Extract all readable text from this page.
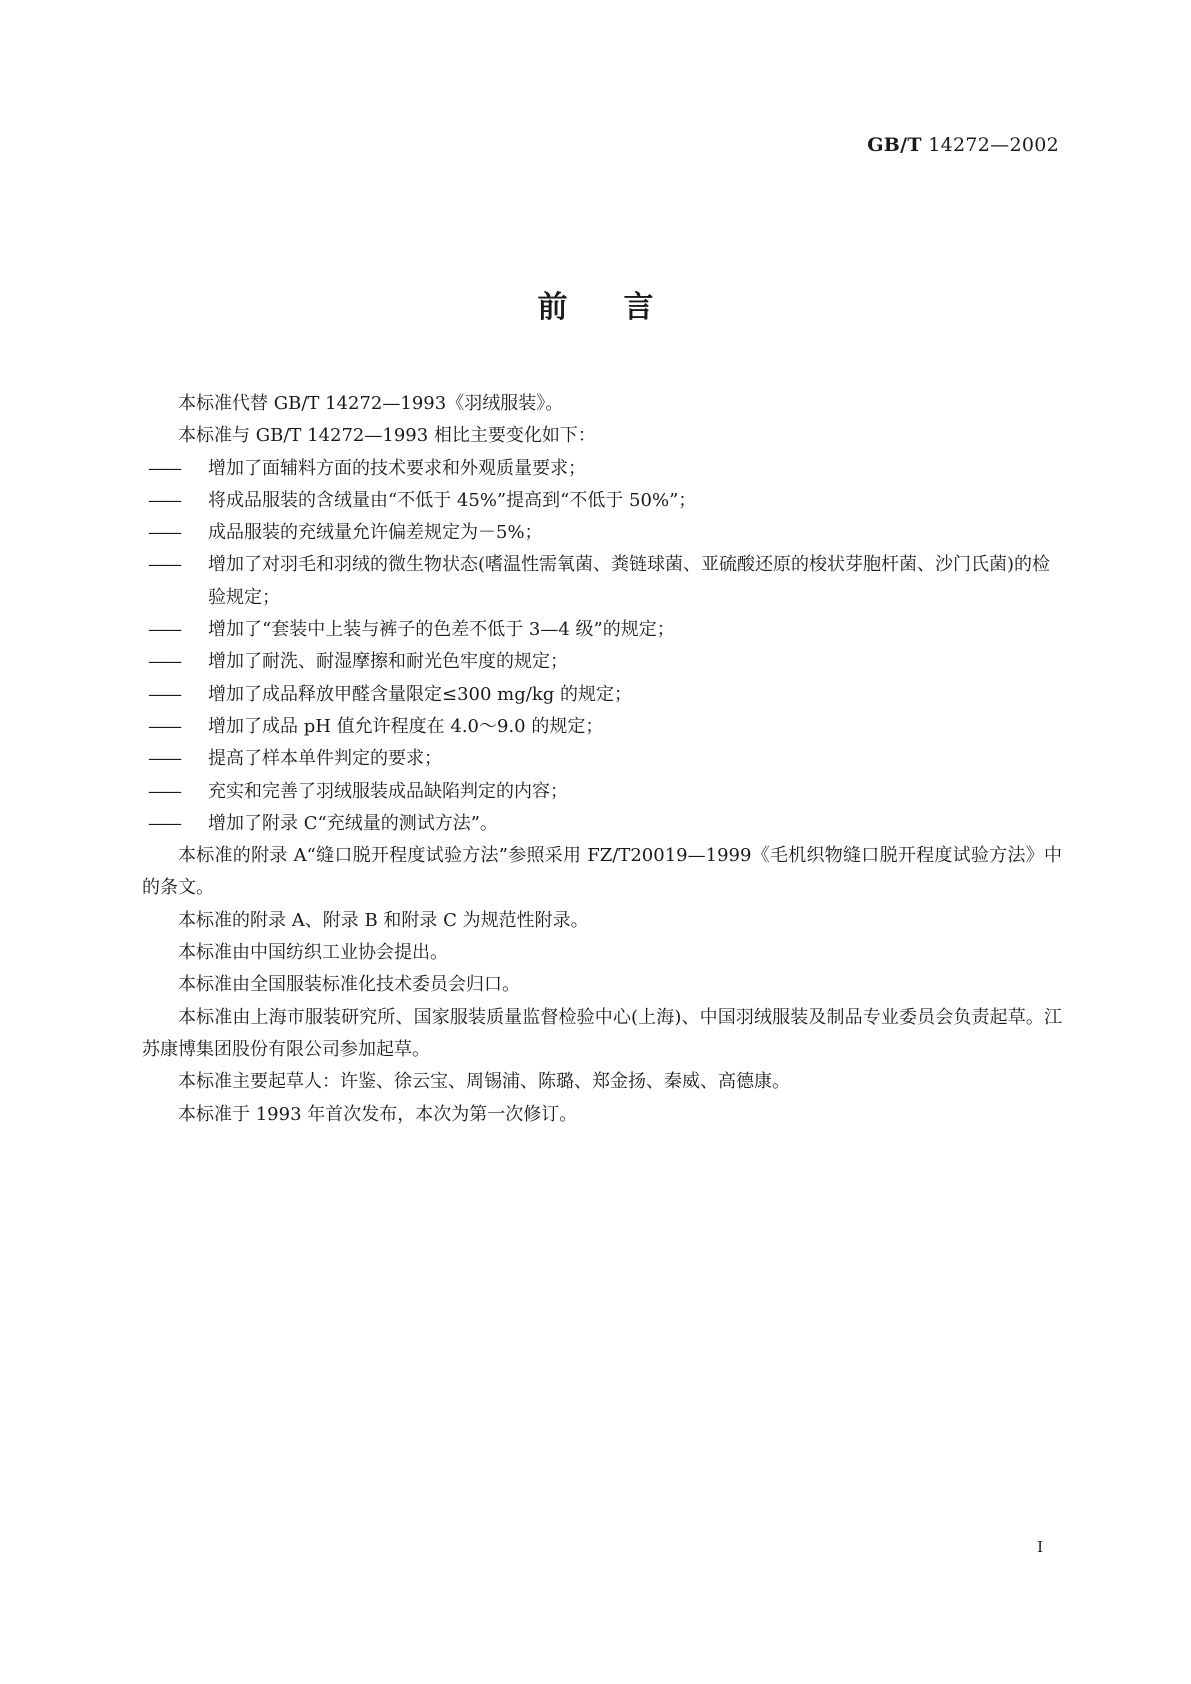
GB/T 14272—2002
前 言

本标准代替 GB/T 14272—1993《羽绒服装》。

本标准与 GB/T 14272—1993 相比主要变化如下：

—— 增加了面辅料方面的技术要求和外观质量要求；

—— 将成品服装的含绒量由“不低于 45%”提高到“不低于 50%”；

—— 成品服装的充绒量允许偏差规定为－5%；

—— 增加了对羽毛和羽绒的微生物状态(嗜温性需氧菌、粪链球菌、亚硫酸还原的梭状芽胞杆菌、沙门氏菌)的检验规定；

—— 增加了“套装中上装与裤子的色差不低于 3—4 级”的规定；

—— 增加了耐洗、耐湿摩擦和耐光色牢度的规定；

—— 增加了成品释放甲醛含量限定≤300 mg/kg 的规定；

—— 增加了成品 pH 值允许程度在 4.0～9.0 的规定；

—— 提高了样本单件判定的要求；

—— 充实和完善了羽绒服装成品缺陷判定的内容；

—— 增加了附录 C“充绒量的测试方法”。

本标准的附录 A“缝口脱开程度试验方法”参照采用 FZ/T20019—1999《毛机织物缝口脱开程度试验方法》中的条文。

本标准的附录 A、附录 B 和附录 C 为规范性附录。

本标准由中国纺织工业协会提出。

本标准由全国服装标准化技术委员会归口。

本标准由上海市服装研究所、国家服装质量监督检验中心(上海)、中国羽绒服装及制品专业委员会负责起草。江苏康博集团股份有限公司参加起草。

本标准主要起草人：许鉴、徐云宝、周锡浦、陈璐、郑金扬、秦威、高德康。

本标准于 1993 年首次发布，本次为第一次修订。

I
